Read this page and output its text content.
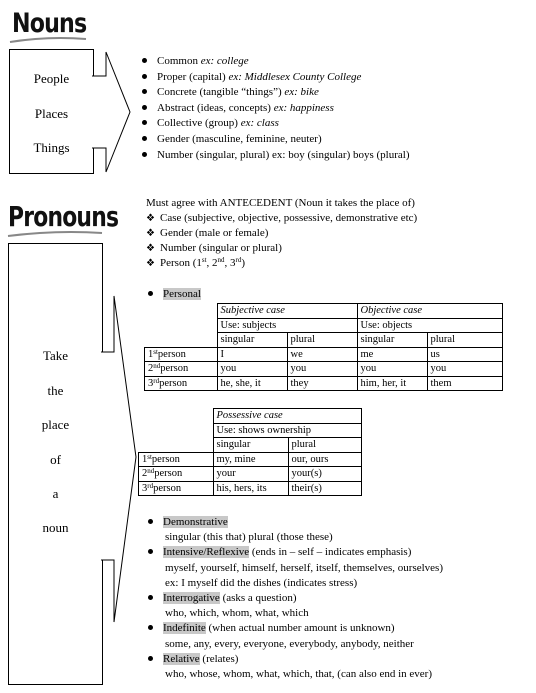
Nouns
People
Places
Things
Common ex: college
Proper (capital) ex: Middlesex County College
Concrete (tangible “things”) ex: bike
Abstract (ideas, concepts) ex: happiness
Collective (group) ex: class
Gender (masculine, feminine, neuter)
Number (singular, plural) ex: boy (singular) boys (plural)
Pronouns
Take
the
place
of
a
noun
Must agree with ANTECEDENT (Noun it takes the place of)
❖ Case (subjective, objective, possessive, demonstrative etc)
❖ Gender (male or female)
❖ Number (singular or plural)
❖ Person (1st, 2nd, 3rd)
Personal
	Subjective case		Objective case	
	Use: subjects		Use: objects	
	singular	plural	singular	plural
1stperson	I	we	me	us
2ndperson	you	you	you	you
3rdperson	he, she, it	they	him, her, it	them
	Possessive case	
	Use: shows ownership	
	singular	plural
1stperson	my, mine	our, ours
2ndperson	your	your(s)
3rdperson	his, hers, its	their(s)
Demonstrative
singular (this that) plural (those these)
Intensive/Reflexive (ends in – self – indicates emphasis)
myself, yourself, himself, herself, itself, themselves, ourselves)
ex: I myself did the dishes (indicates stress)
Interrogative (asks a question)
who, which, whom, what, which
Indefinite (when actual number amount is unknown)
some, any, every, everyone, everybody, anybody, neither
Relative (relates)
who, whose, whom, what, which, that, (can also end in ever)
